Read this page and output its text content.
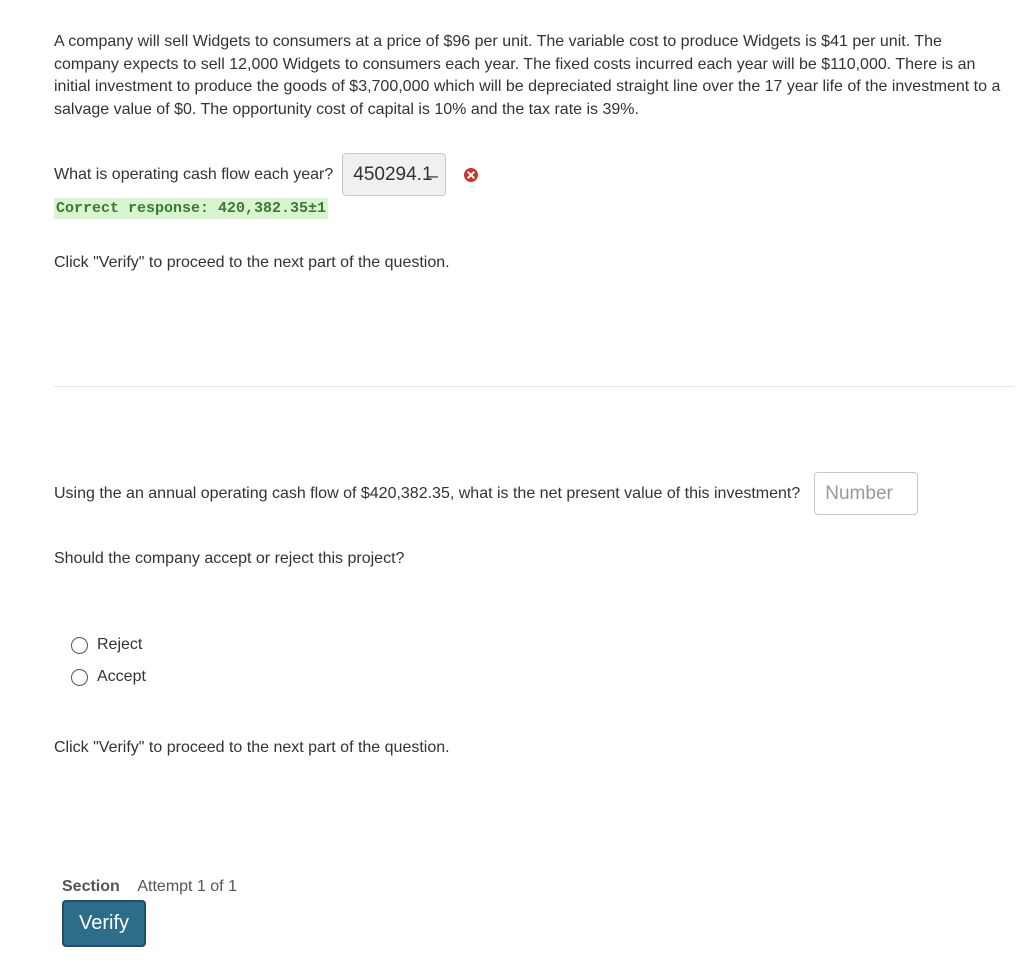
A company will sell Widgets to consumers at a price of $96 per unit. The variable cost to produce Widgets is $41 per unit. The company expects to sell 12,000 Widgets to consumers each year. The fixed costs incurred each year will be $110,000. There is an initial investment to produce the goods of $3,700,000 which will be depreciated straight line over the 17 year life of the investment to a salvage value of $0. The opportunity cost of capital is 10% and the tax rate is 39%.

What is operating cash flow each year? 450294.1̶
Correct response: 420,382.35±1

Click "Verify" to proceed to the next part of the question.

Using the an annual operating cash flow of $420,382.35, what is the net present value of this investment?
Number

Should the company accept or reject this project?

Reject
Accept

Click "Verify" to proceed to the next part of the question.

Section Attempt 1 of 1
Verify
